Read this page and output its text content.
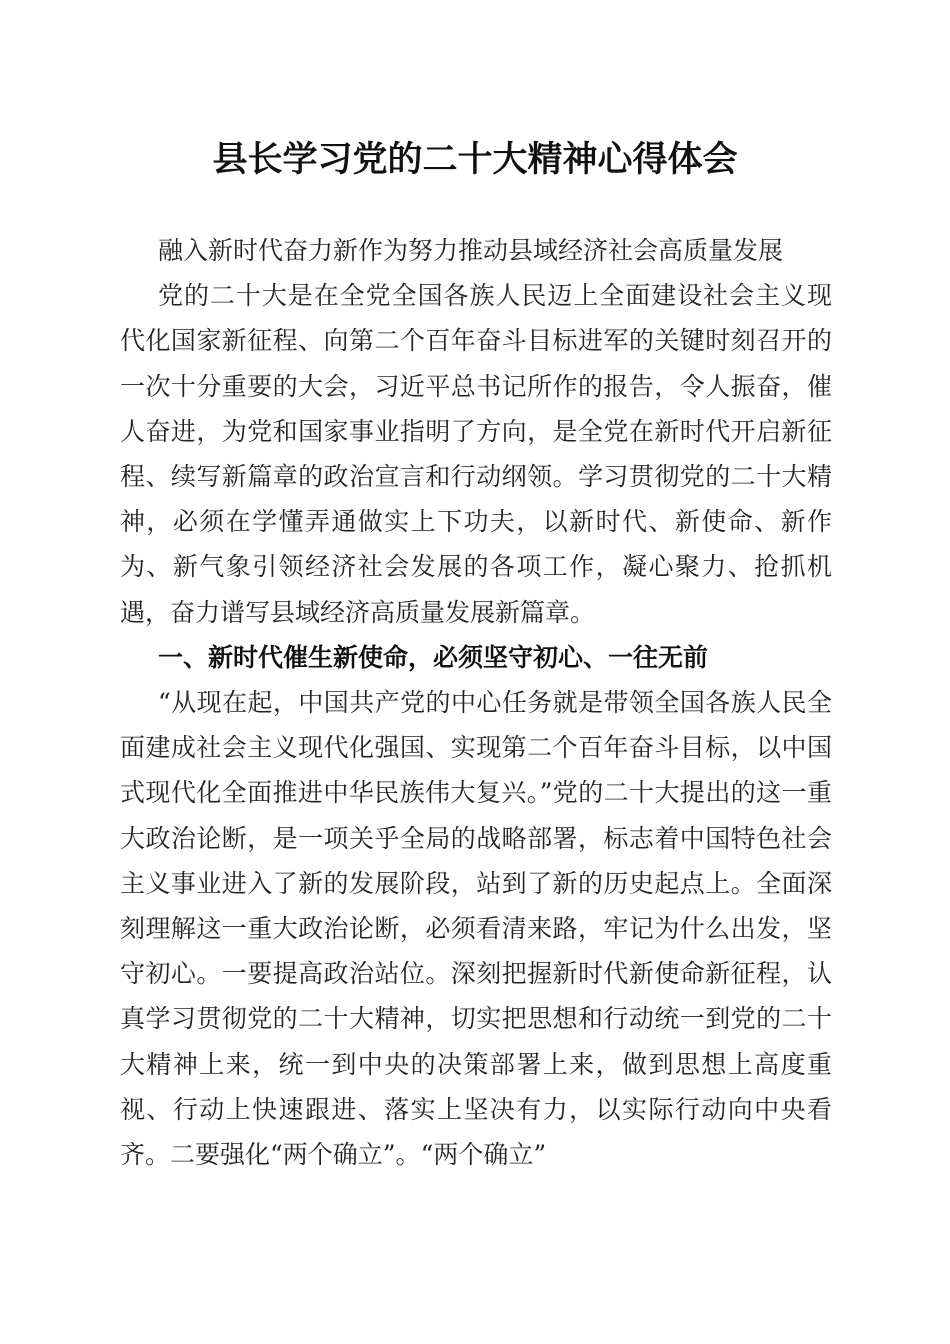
县长学习党的二十大精神心得体会

融入新时代奋力新作为努力推动县域经济社会高质量发展

党的二十大是在全党全国各族人民迈上全面建设社会主义现代化国家新征程、向第二个百年奋斗目标进军的关键时刻召开的一次十分重要的大会，习近平总书记所作的报告，令人振奋，催人奋进，为党和国家事业指明了方向，是全党在新时代开启新征程、续写新篇章的政治宣言和行动纲领。学习贯彻党的二十大精神，必须在学懂弄通做实上下功夫，以新时代、新使命、新作为、新气象引领经济社会发展的各项工作，凝心聚力、抢抓机遇，奋力谱写县域经济高质量发展新篇章。

一、新时代催生新使命，必须坚守初心、一往无前

“从现在起，中国共产党的中心任务就是带领全国各族人民全面建成社会主义现代化强国、实现第二个百年奋斗目标，以中国式现代化全面推进中华民族伟大复兴。”党的二十大提出的这一重大政治论断，是一项关乎全局的战略部署，标志着中国特色社会主义事业进入了新的发展阶段，站到了新的历史起点上。全面深刻理解这一重大政治论断，必须看清来路，牢记为什么出发，坚守初心。一要提高政治站位。深刻把握新时代新使命新征程，认真学习贯彻党的二十大精神，切实把思想和行动统一到党的二十大精神上来，统一到中央的决策部署上来，做到思想上高度重视、行动上快速跟进、落实上坚决有力，以实际行动向中央看齐。二要强化“两个确立”。“两个确立”
